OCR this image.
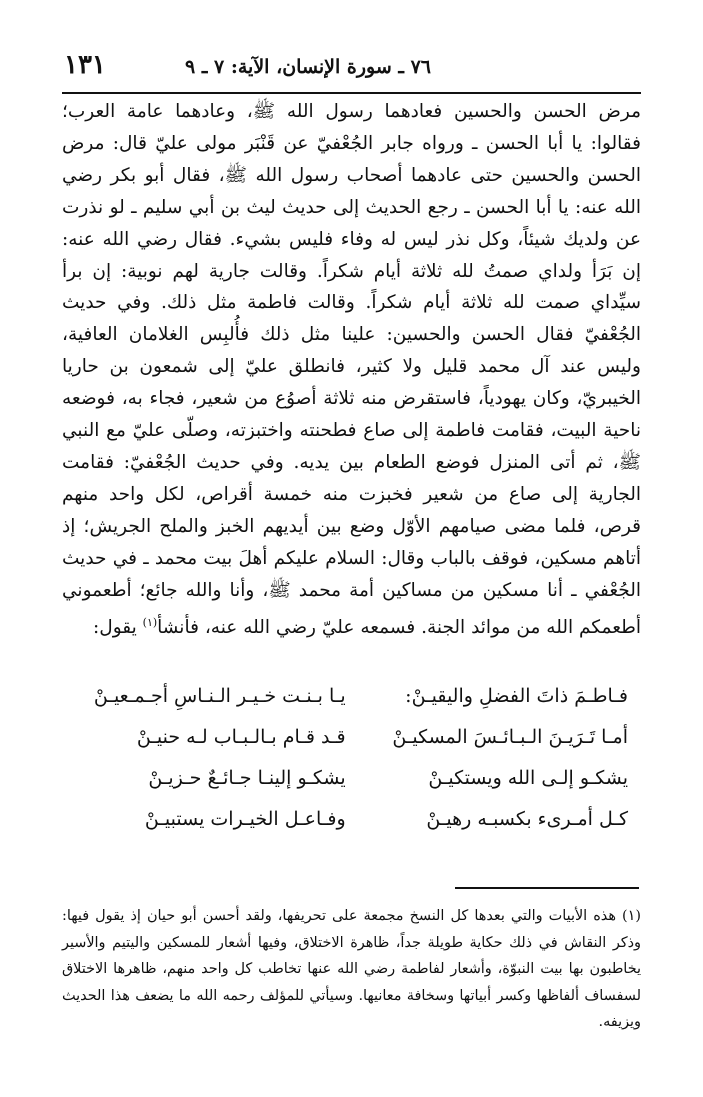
٧٦ ـ سورة الإنسان، الآية: ٧ ـ ٩
١٣١

مرض الحسن والحسين فعادهما رسول الله ﷺ، وعادهما عامة العرب؛ فقالوا: يا أبا الحسن ـ ورواه جابر الجُعْفيّ عن قَنْبَر مولى عليّ قال: مرض الحسن والحسين حتى عادهما أصحاب رسول الله ﷺ، فقال أبو بكر رضي الله عنه: يا أبا الحسن ـ رجع الحديث إلى حديث ليث بن أبي سليم ـ لو نذرت عن ولديك شيئاً، وكل نذر ليس له وفاء فليس بشيء. فقال رضي الله عنه: إن بَرَأ ولداي صمتُ لله ثلاثة أيام شكراً. وقالت جارية لهم نوبية: إن برأ سيِّداي صمت لله ثلاثة أيام شكراً. وقالت فاطمة مثل ذلك. وفي حديث الجُعْفيّ فقال الحسن والحسين: علينا مثل ذلك فأُلبِس الغلامان العافية، وليس عند آل محمد قليل ولا كثير، فانطلق عليّ إلى شمعون بن حاريا الخيبريّ، وكان يهودياً، فاستقرض منه ثلاثة أصوُع من شعير، فجاء به، فوضعه ناحية البيت، فقامت فاطمة إلى صاع فطحنته واختبزته، وصلّى عليّ مع النبي ﷺ، ثم أتى المنزل فوضع الطعام بين يديه. وفي حديث الجُعْفيّ: فقامت الجارية إلى صاع من شعير فخبزت منه خمسة أقراص، لكل واحد منهم قرص، فلما مضى صيامهم الأوّل وضع بين أيديهم الخبز والملح الجريش؛ إذ أتاهم مسكين، فوقف بالباب وقال: السلام عليكم أهلَ بيت محمد ـ في حديث الجُعْفي ـ أنا مسكين من مساكين أمة محمد ﷺ، وأنا والله جائع؛ أطعموني أطعمكم الله من موائد الجنة. فسمعه عليّ رضي الله عنه، فأنشأ$^{(١)}$ يقول:

فـاطـمَ ذاتَ الفضلِ واليقيـنْ:
يـا بـنـت خـيـر الـنـاسِ أجـمـعيـنْ
أمـا تَـرَيـنَ الـبـائـسَ المسكيـنْ
قـد قـام بـالـبـاب لـه حنيـنْ
يشكـو إلـى الله ويستكيـنْ
يشكـو إلينـا جـائـعٌ حـزيـنْ
كـل أمـرىء بكسبـه رهيـنْ
وفـاعـل الخيـرات يستبيـنْ

(١) هذه الأبيات والتي بعدها كل النسخ مجمعة على تحريفها، ولقد أحسن أبو حيان إذ يقول فيها: وذكر النقاش في ذلك حكاية طويلة جداً، ظاهرة الاختلاق، وفيها أشعار للمسكين واليتيم والأسير يخاطبون بها بيت النبوّة، وأشعار لفاطمة رضي الله عنها تخاطب كل واحد منهم، ظاهرها الاختلاق لسفساف ألفاظها وكسر أبياتها وسخافة معانيها. وسيأتي للمؤلف رحمه الله ما يضعف هذا الحديث ويزيفه.
